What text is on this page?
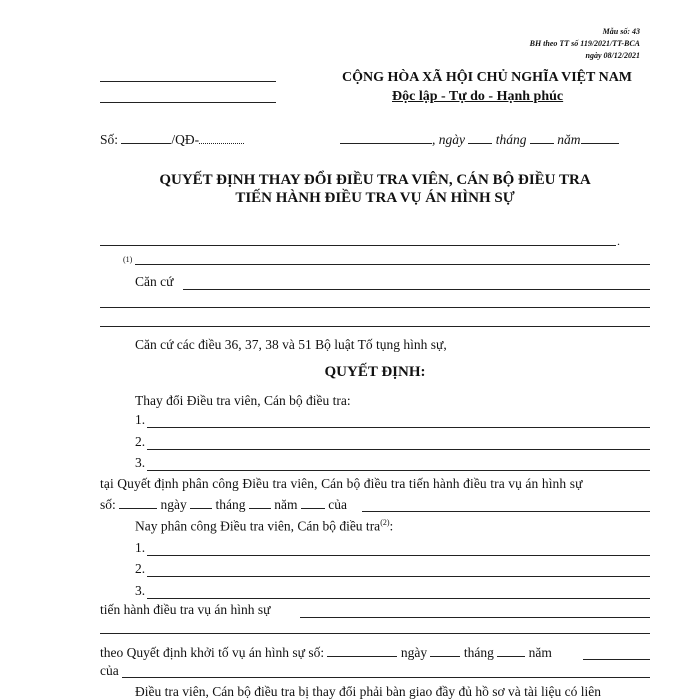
Mẫu số: 43
BH theo TT số 119/2021/TT-BCA
ngày 08/12/2021
CỘNG HÒA XÃ HỘI CHỦ NGHĨA VIỆT NAM
Độc lập - Tự do - Hạnh phúc
Số:	/QĐ-	, ngày tháng năm
QUYẾT ĐỊNH THAY ĐỔI ĐIỀU TRA VIÊN, CÁN BỘ ĐIỀU TRA
TIẾN HÀNH ĐIỀU TRA VỤ ÁN HÌNH SỰ
.
(1)
Căn cứ
Căn cứ các điều 36, 37, 38 và 51 Bộ luật Tố tụng hình sự,
QUYẾT ĐỊNH:
Thay đổi Điều tra viên, Cán bộ điều tra:
1.
2.
3.
tại Quyết định phân công Điều tra viên, Cán bộ điều tra tiến hành điều tra vụ án hình sự
số:	ngày tháng năm của
Nay phân công Điều tra viên, Cán bộ điều tra$^{(2)}$:
1.
2.
3.
tiến hành điều tra vụ án hình sự
theo Quyết định khởi tố vụ án hình sự số:	ngày	tháng	năm
của
Điều tra viên, Cán bộ điều tra bị thay đổi phải bàn giao đầy đủ hồ sơ và tài liệu có liên
